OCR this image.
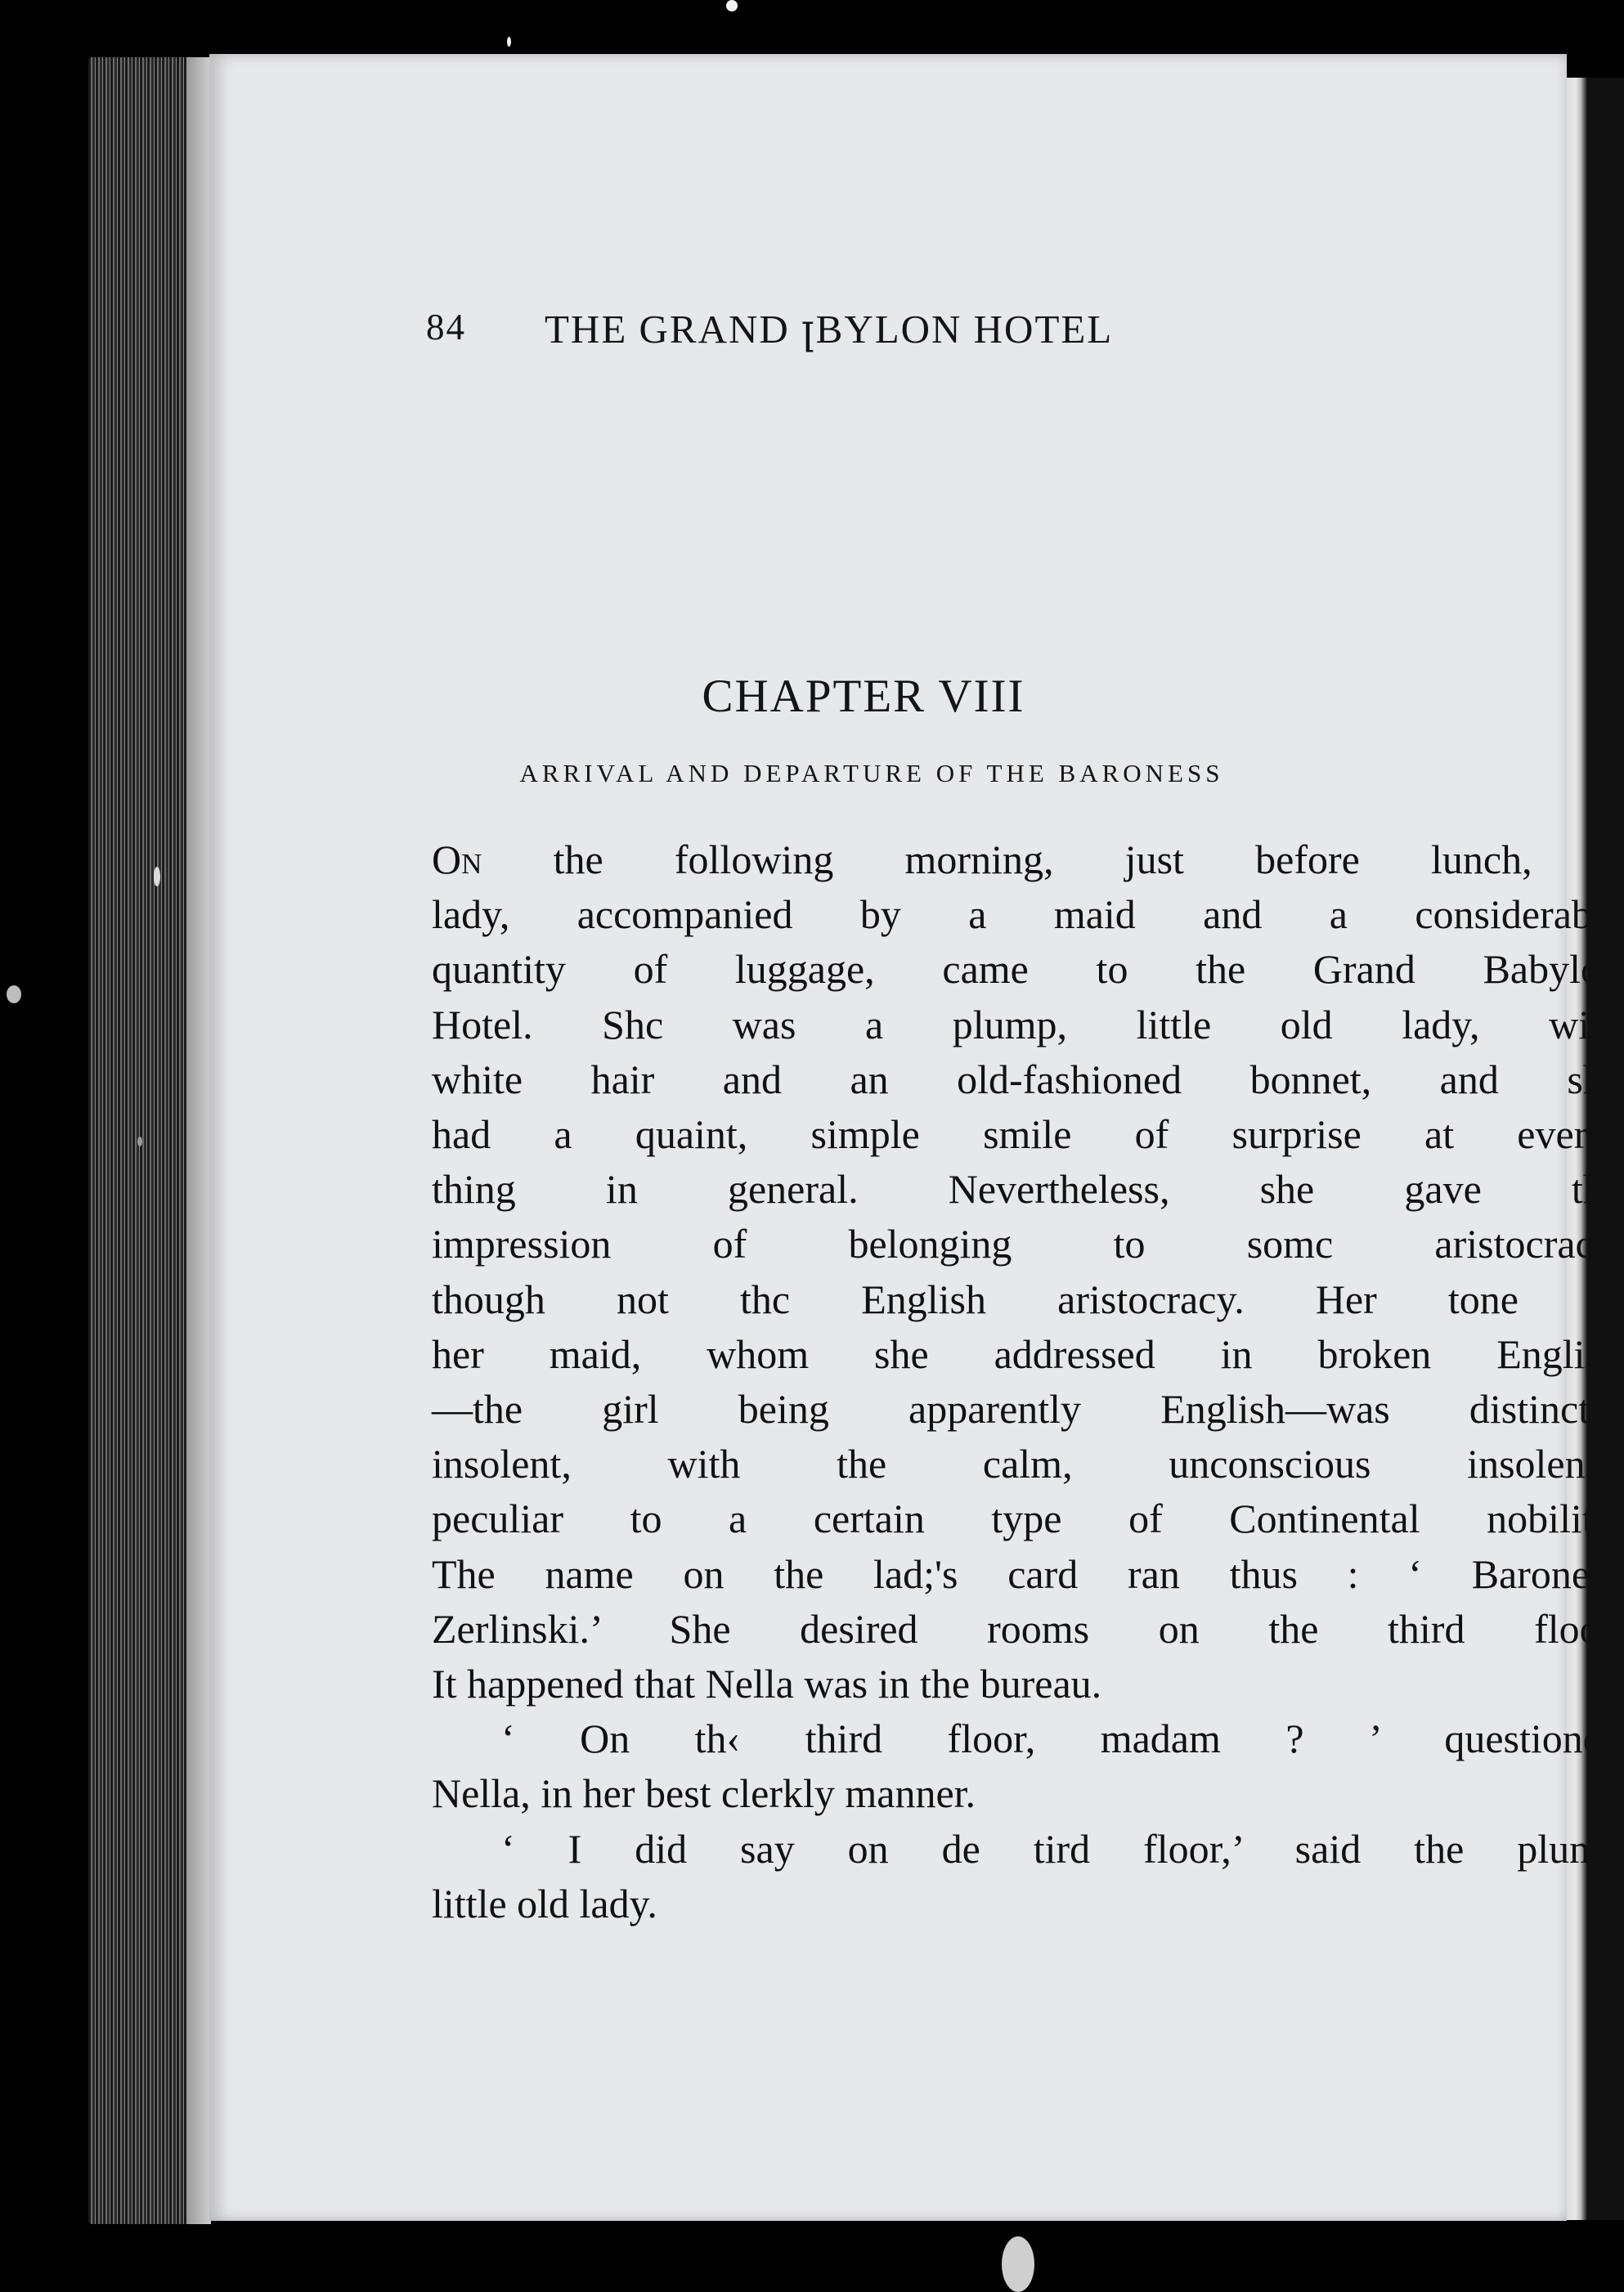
84 THE GRAND ꞁBYLON HOTEL
CHAPTER VIII
ARRIVAL AND DEPARTURE OF THE BARONESS

On the following morning, just before lunch, a
lady, accompanied by a maid and a considerable
quantity of luggage, came to the Grand Babylon
Hotel. Shc was a plump, little old lady, with
white hair and an old-fashioned bonnet, and she
had a quaint, simple smile of surprise at every-
thing in general. Nevertheless, she gave the
impression of belonging to somc aristocracy,
though not thc English aristocracy. Her tone to
her maid, whom she addressed in broken English
—the girl being apparently English—was distinctly
insolent, with the calm, unconscious insolence
peculiar to a certain type of Continental nobility.
The name on the lad;'s card ran thus : ‘ Baroness
Zerlinski.’ She desired rooms on the third floor.
It happened that Nella was in the bureau.

‘ On th‹ third floor, madam ? ’ questioned
Nella, in her best clerkly manner.

‘ I did say on de tird floor,’ said the plump
little old lady.
